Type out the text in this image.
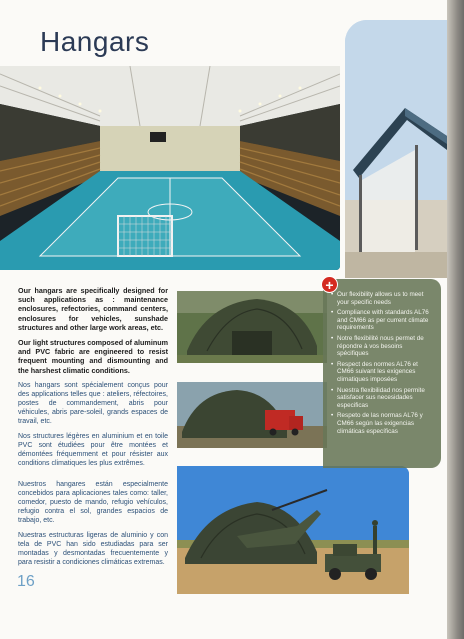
Hangars

Our hangars are specifically designed for such applications as : maintenance enclosures, refectories, command centers, enclosures for vehicles, sunshade structures and other large work areas, etc.

Our light structures composed of aluminum and PVC fabric are engineered to resist frequent mounting and dismounting and the harshest climatic conditions.

Nos hangars sont spécialement conçus pour des applications telles que : ateliers, réfectoires, postes de commandement, abris pour véhicules, abris pare-soleil, grands espaces de travail, etc.

Nos structures légères en aluminium et en toile PVC sont étudiées pour être montées et démontées fréquemment et pour résister aux conditions climatiques les plus extrêmes.

Nuestros hangares están especialmente concebidos para aplicaciones tales como: taller, comedor, puesto de mando, refugio vehículos, refugio contra el sol, grandes espacios de trabajo, etc.

Nuestras estructuras ligeras de aluminio y con tela de PVC han sido estudiadas para ser montadas y desmontadas frecuentemente y para resistir a condiciones climáticas extremas.

• Our flexibility allows us to meet your specific needs
• Compliance with standards AL76 and CM66 as per current climate requirements
• Notre flexibilité nous permet de répondre à vos besoins spécifiques
• Respect des normes AL76 et CM66 suivant les exigences climatiques imposées
• Nuestra flexibilidad nos permite satisfacer sus necesidades especificas
• Respeto de las normas AL76 y CM66 según las exigencias climáticas específicas
+
16
